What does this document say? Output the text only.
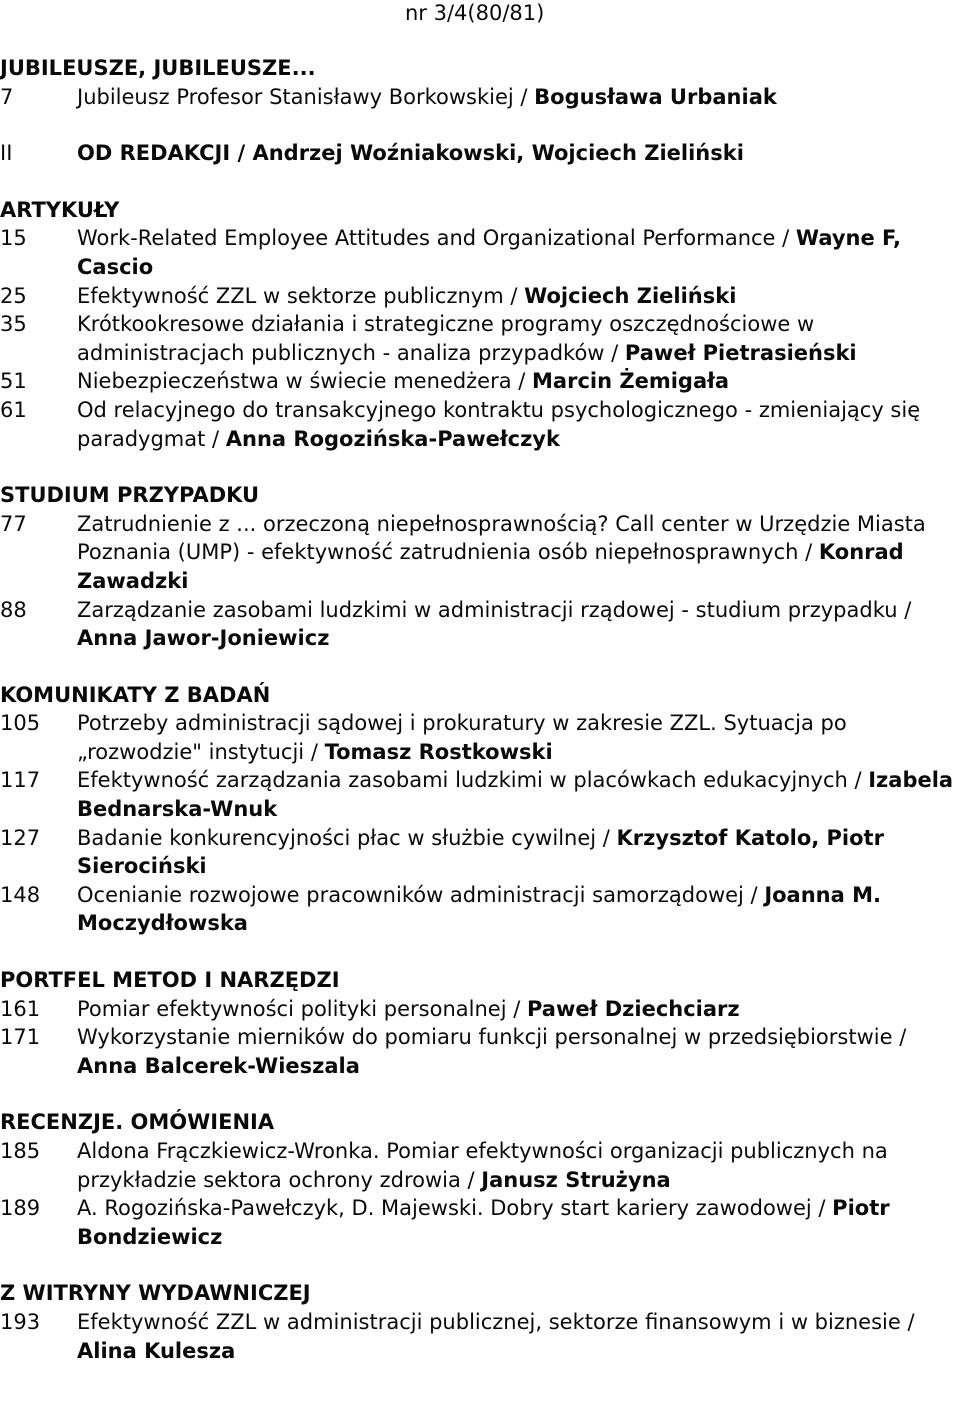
nr 3/4(80/81)
JUBILEUSZE, JUBILEUSZE...
7	Jubileusz Profesor Stanisławy Borkowskiej / Bogusława Urbaniak
II	OD REDAKCJI / Andrzej Woźniakowski, Wojciech Zieliński
ARTYKUŁY
15	Work-Related Employee Attitudes and Organizational Performance / Wayne F, Cascio
25	Efektywność ZZL w sektorze publicznym / Wojciech Zieliński
35	Krótkookresowe działania i strategiczne programy oszczędnościowe w administracjach publicznych - analiza przypadków / Paweł Pietrasieński
51	Niebezpieczeństwa w świecie menedżera / Marcin Żemigała
61	Od relacyjnego do transakcyjnego kontraktu psychologicznego - zmieniający się paradygmat / Anna Rogozińska-Pawełczyk
STUDIUM PRZYPADKU
77	Zatrudnienie z ... orzeczoną niepełnosprawnością? Call center w Urzędzie Miasta Poznania (UMP) - efektywność zatrudnienia osób niepełnosprawnych / Konrad Zawadzki
88	Zarządzanie zasobami ludzkimi w administracji rządowej - studium przypadku / Anna Jawor-Joniewicz
KOMUNIKATY Z BADAŃ
105	Potrzeby administracji sądowej i prokuratury w zakresie ZZL. Sytuacja po „rozwodzie" instytucji / Tomasz Rostkowski
117	Efektywność zarządzania zasobami ludzkimi w placówkach edukacyjnych / Izabela Bednarska-Wnuk
127	Badanie konkurencyjności płac w służbie cywilnej / Krzysztof Katolo, Piotr Sierociński
148	Ocenianie rozwojowe pracowników administracji samorządowej / Joanna M. Moczydłowska
PORTFEL METOD I NARZĘDZI
161	Pomiar efektywności polityki personalnej / Paweł Dziechciarz
171	Wykorzystanie mierników do pomiaru funkcji personalnej w przedsiębiorstwie / Anna Balcerek-Wieszala
RECENZJE. OMÓWIENIA
185	Aldona Frączkiewicz-Wronka. Pomiar efektywności organizacji publicznych na przykładzie sektora ochrony zdrowia / Janusz Strużyna
189	A. Rogozińska-Pawełczyk, D. Majewski. Dobry start kariery zawodowej / Piotr Bondziewicz
Z WITRYNY WYDAWNICZEJ
193	Efektywność ZZL w administracji publicznej, sektorze finansowym i w biznesie / Alina Kulesza
